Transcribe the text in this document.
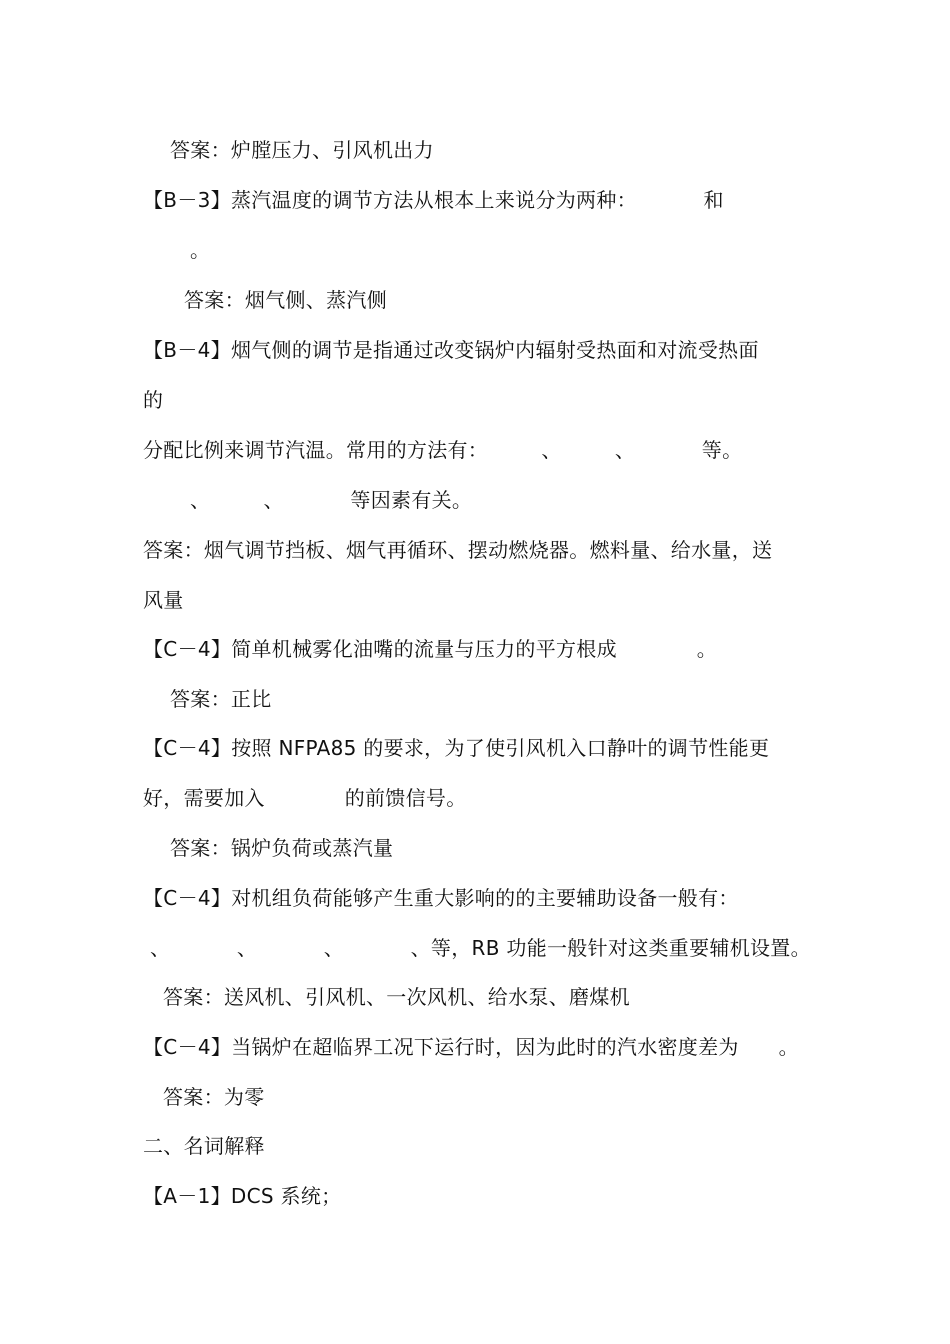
答案：炉膛压力、引风机出力
【B－3】蒸汽温度的调节方法从根本上来说分为两种：          和
。
答案：烟气侧、蒸汽侧
【B－4】烟气侧的调节是指通过改变锅炉内辐射受热面和对流受热面
的
分配比例来调节汽温。常用的方法有：        、        、          等。
、        、          等因素有关。
答案：烟气调节挡板、烟气再循环、摆动燃烧器。燃料量、给水量，送
风量
【C－4】简单机械雾化油嘴的流量与压力的平方根成            。
答案：正比
【C－4】按照 NFPA85 的要求，为了使引风机入口静叶的调节性能更
好，需要加入            的前馈信号。
答案：锅炉负荷或蒸汽量
【C－4】对机组负荷能够产生重大影响的的主要辅助设备一般有：
、          、          、          、等，RB 功能一般针对这类重要辅机设置。
答案：送风机、引风机、一次风机、给水泵、磨煤机
【C－4】当锅炉在超临界工况下运行时，因为此时的汽水密度差为      。
答案：为零
二、名词解释
【A－1】DCS 系统；
